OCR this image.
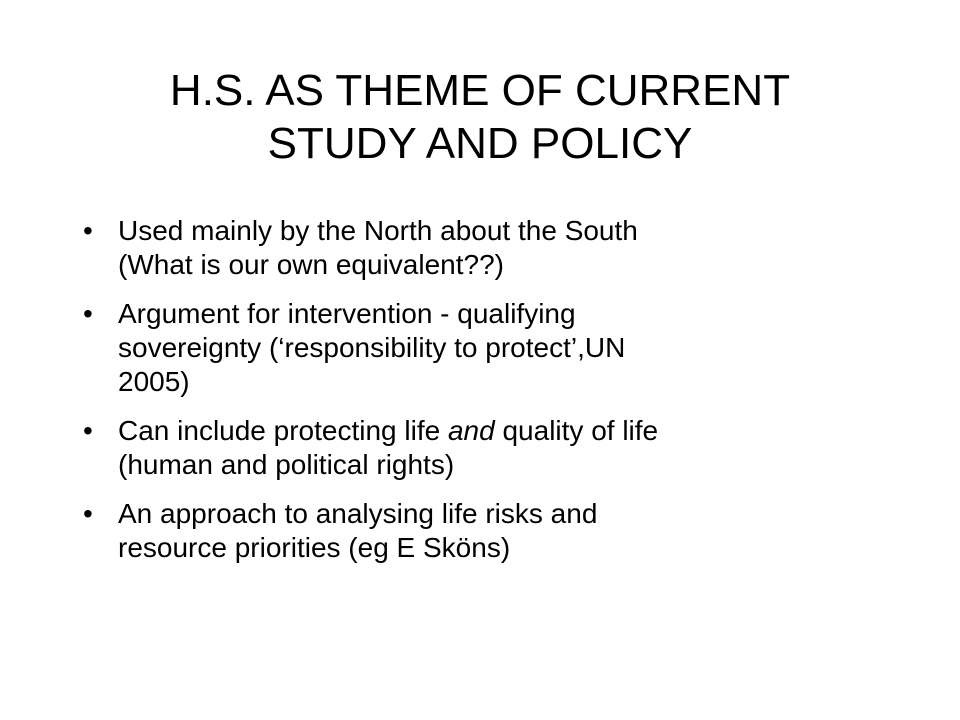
H.S. AS THEME OF CURRENT
STUDY AND POLICY
• Used mainly by the North about the South
(What is our own equivalent??)
• Argument for intervention - qualifying
sovereignty (‘responsibility to protect’,UN
2005)
• Can include protecting life and quality of life
(human and political rights)
• An approach to analysing life risks and
resource priorities (eg E Sköns)
